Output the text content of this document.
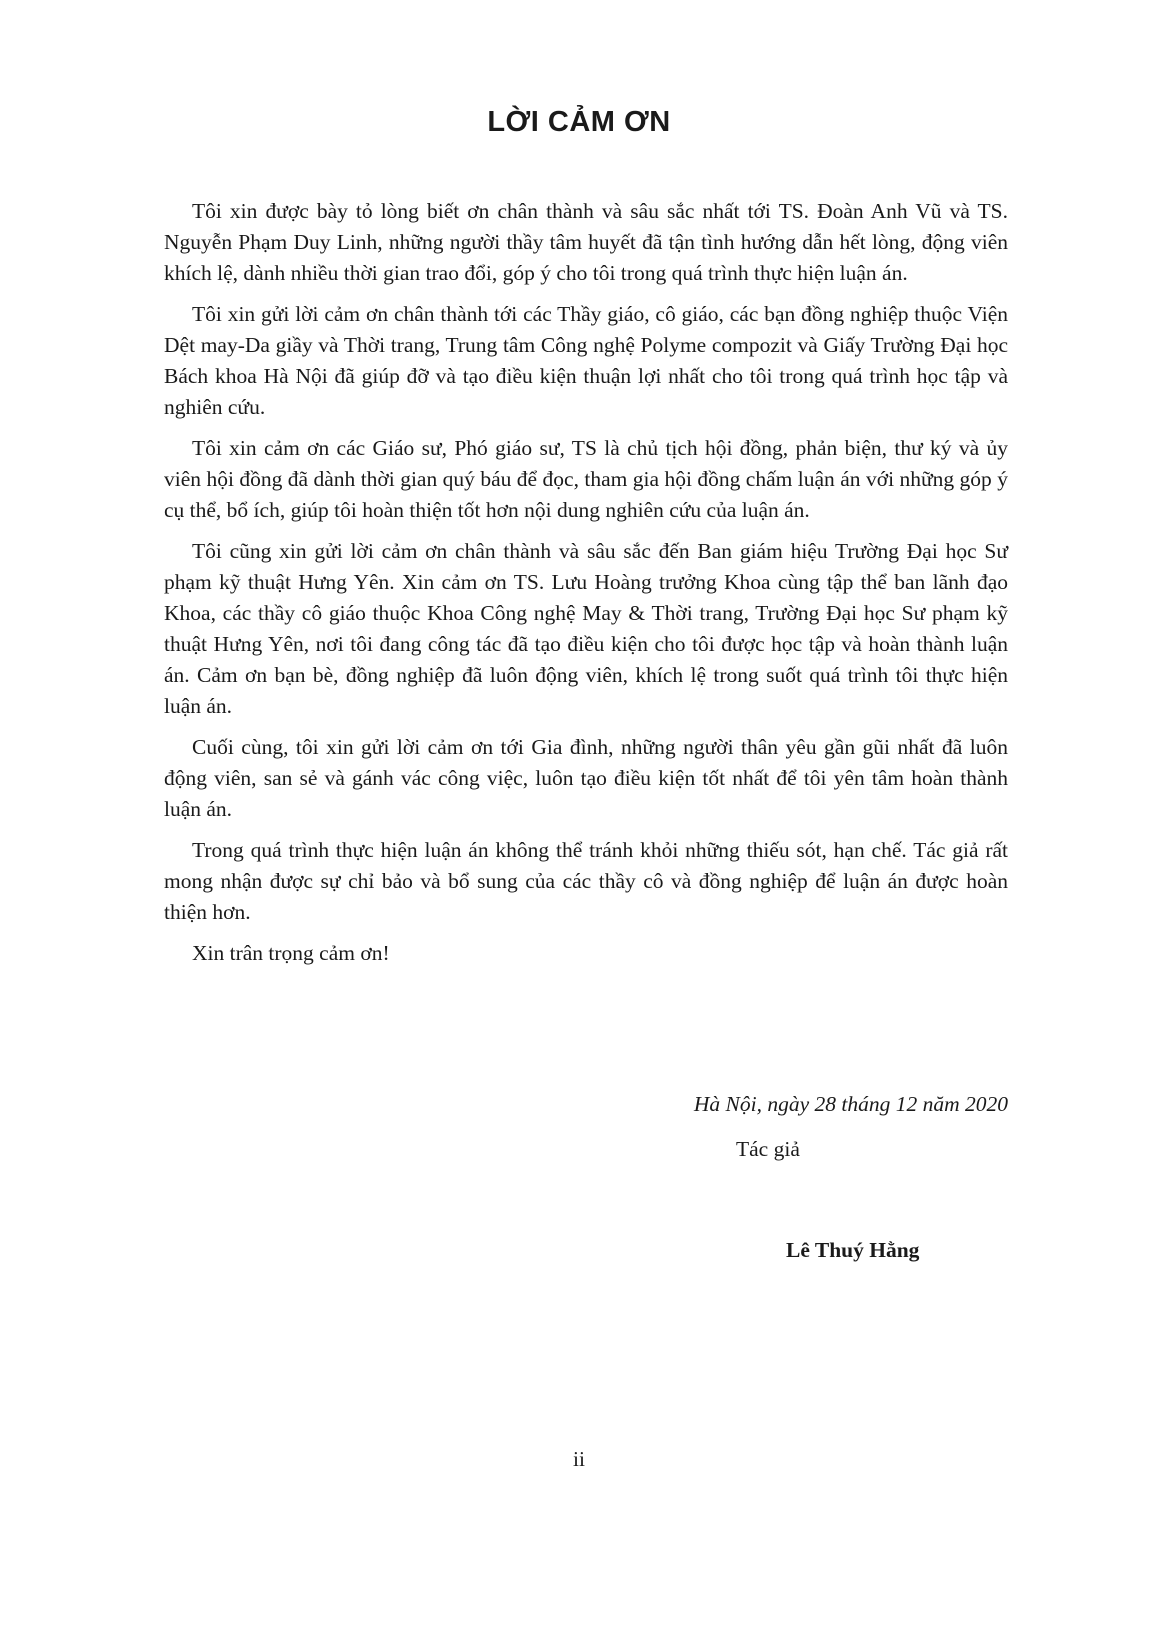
LỜI CẢM ƠN

Tôi xin được bày tỏ lòng biết ơn chân thành và sâu sắc nhất tới TS. Đoàn Anh Vũ và TS. Nguyễn Phạm Duy Linh, những người thầy tâm huyết đã tận tình hướng dẫn hết lòng, động viên khích lệ, dành nhiều thời gian trao đổi, góp ý cho tôi trong quá trình thực hiện luận án.

Tôi xin gửi lời cảm ơn chân thành tới các Thầy giáo, cô giáo, các bạn đồng nghiệp thuộc Viện Dệt may-Da giầy và Thời trang, Trung tâm Công nghệ Polyme compozit và Giấy Trường Đại học Bách khoa Hà Nội đã giúp đỡ và tạo điều kiện thuận lợi nhất cho tôi trong quá trình học tập và nghiên cứu.

Tôi xin cảm ơn các Giáo sư, Phó giáo sư, TS là chủ tịch hội đồng, phản biện, thư ký và ủy viên hội đồng đã dành thời gian quý báu để đọc, tham gia hội đồng chấm luận án với những góp ý cụ thể, bổ ích, giúp tôi hoàn thiện tốt hơn nội dung nghiên cứu của luận án.

Tôi cũng xin gửi lời cảm ơn chân thành và sâu sắc đến Ban giám hiệu Trường Đại học Sư phạm kỹ thuật Hưng Yên. Xin cảm ơn TS. Lưu Hoàng trưởng Khoa cùng tập thể ban lãnh đạo Khoa, các thầy cô giáo thuộc Khoa Công nghệ May & Thời trang, Trường Đại học Sư phạm kỹ thuật Hưng Yên, nơi tôi đang công tác đã tạo điều kiện cho tôi được học tập và hoàn thành luận án. Cảm ơn bạn bè, đồng nghiệp đã luôn động viên, khích lệ trong suốt quá trình tôi thực hiện luận án.

Cuối cùng, tôi xin gửi lời cảm ơn tới Gia đình, những người thân yêu gần gũi nhất đã luôn động viên, san sẻ và gánh vác công việc, luôn tạo điều kiện tốt nhất để tôi yên tâm hoàn thành luận án.

Trong quá trình thực hiện luận án không thể tránh khỏi những thiếu sót, hạn chế. Tác giả rất mong nhận được sự chỉ bảo và bổ sung của các thầy cô và đồng nghiệp để luận án được hoàn thiện hơn.

Xin trân trọng cảm ơn!

Hà Nội, ngày 28 tháng 12 năm 2020
Tác giả
Lê Thuý Hằng
ii
